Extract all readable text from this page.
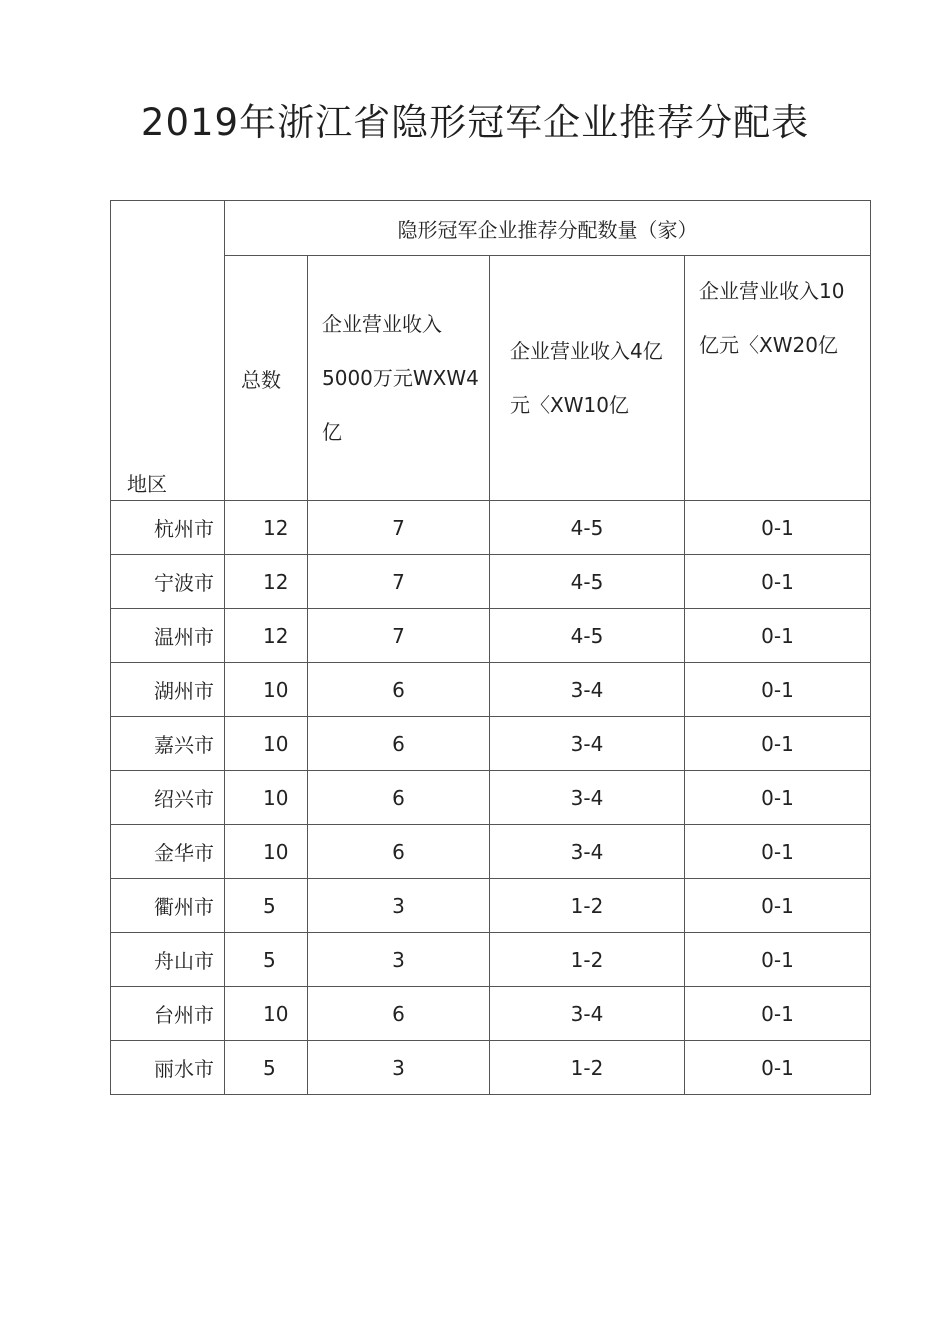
2019年浙江省隐形冠军企业推荐分配表
地区	隐形冠军企业推荐分配数量（家）			
	总数	企业营业收入5000万元WXW4亿	企业营业收入4亿元〈XW10亿	企业营业收入10亿元〈XW20亿
杭州市	12	7	4-5	0-1
宁波市	12	7	4-5	0-1
温州市	12	7	4-5	0-1
湖州市	10	6	3-4	0-1
嘉兴市	10	6	3-4	0-1
绍兴市	10	6	3-4	0-1
金华市	10	6	3-4	0-1
衢州市	5	3	1-2	0-1
舟山市	5	3	1-2	0-1
台州市	10	6	3-4	0-1
丽水市	5	3	1-2	0-1
